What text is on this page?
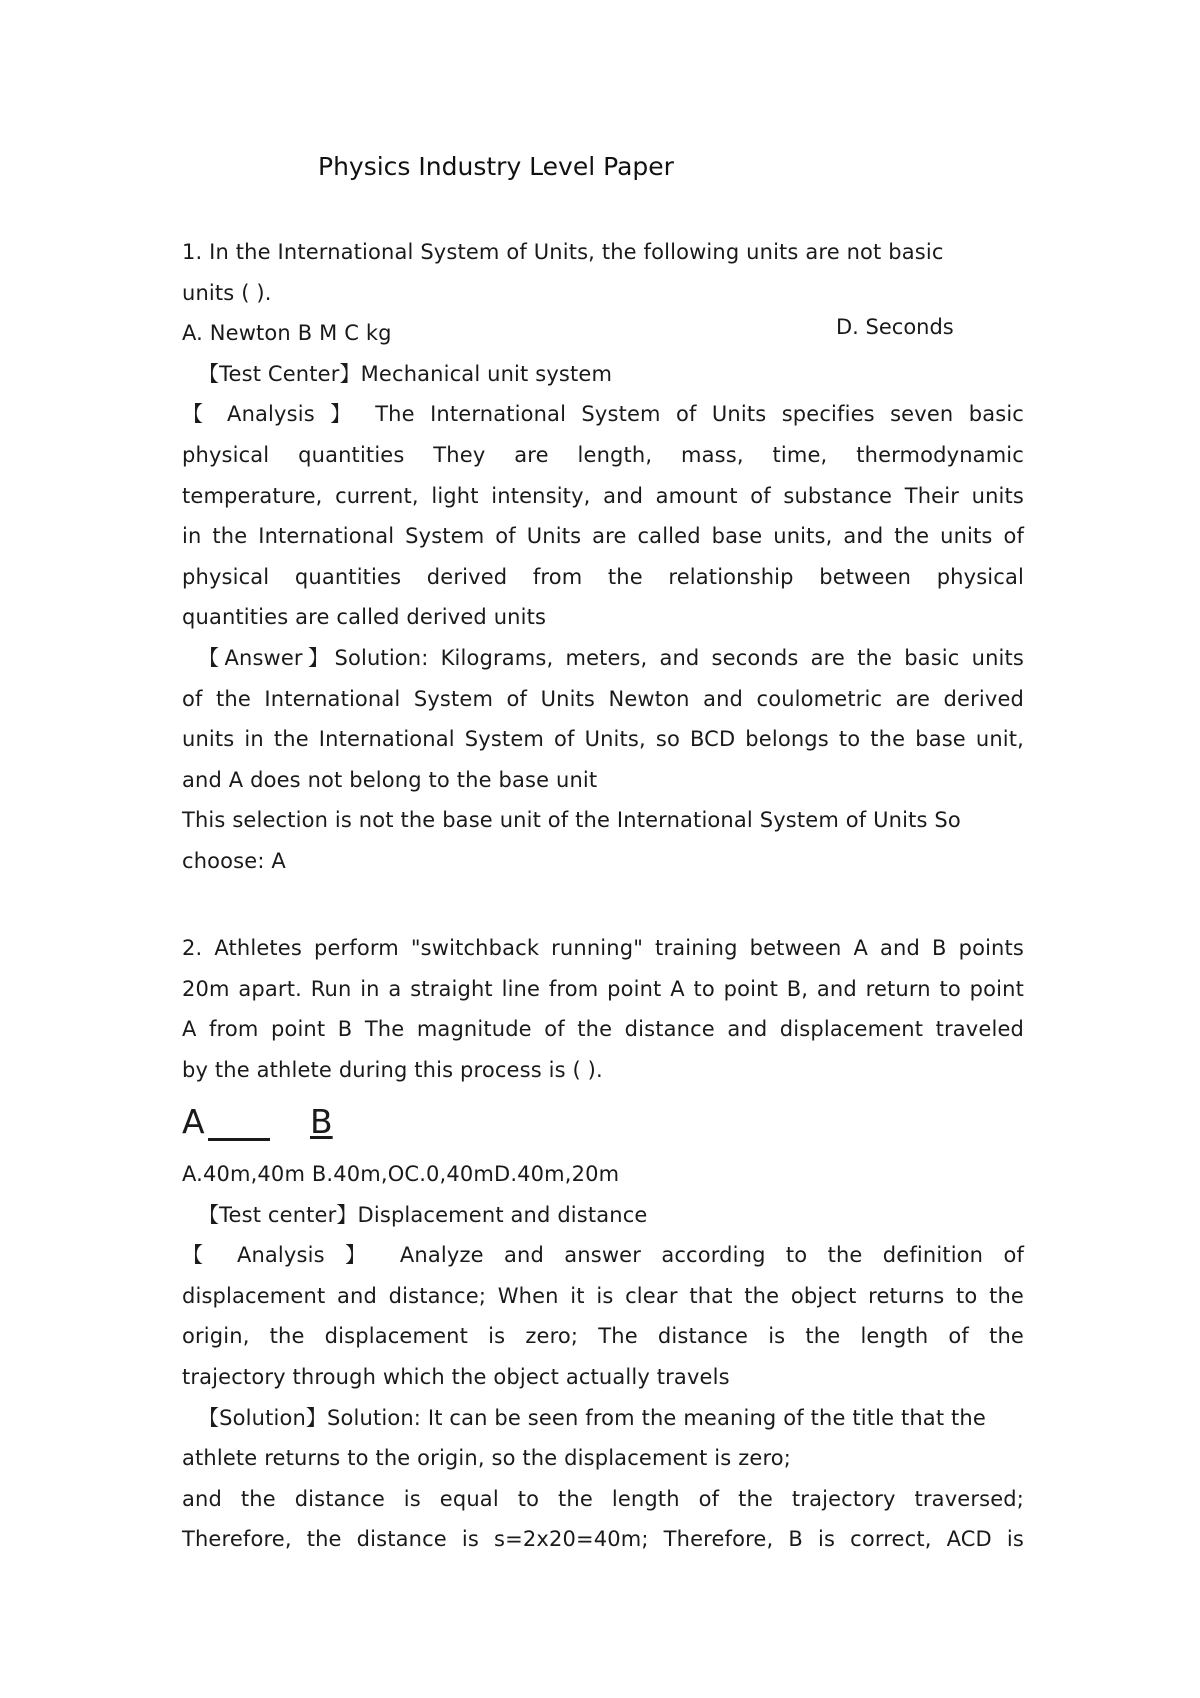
Physics Industry Level Paper
1. In the International System of Units, the following units are not basic
units ( ).
A. Newton B M C kg
【Test Center】Mechanical unit system
【 Analysis 】 The International System of Units specifies seven basic
physical quantities They are length, mass, time, thermodynamic
temperature, current, light intensity, and amount of substance Their units
in the International System of Units are called base units, and the units of
physical quantities derived from the relationship between physical
quantities are called derived units
【Answer】Solution: Kilograms, meters, and seconds are the basic units
of the International System of Units Newton and coulometric are derived
units in the International System of Units, so BCD belongs to the base unit,
and A does not belong to the base unit
This selection is not the base unit of the International System of Units So
choose: A
D. Seconds
2. Athletes perform "switchback running" training between A and B points
20m apart. Run in a straight line from point A to point B, and return to point
A from point B The magnitude of the distance and displacement traveled
by the athlete during this process is ( ).
A	B
A.40m,40m B.40m,OC.0,40mD.40m,20m
【Test center】Displacement and distance
【 Analysis 】 Analyze and answer according to the definition of
displacement and distance; When it is clear that the object returns to the
origin, the displacement is zero; The distance is the length of the
trajectory through which the object actually travels
【Solution】Solution: It can be seen from the meaning of the title that the
athlete returns to the origin, so the displacement is zero;
and the distance is equal to the length of the trajectory traversed;
Therefore, the distance is s=2x20=40m; Therefore, B is correct, ACD is
